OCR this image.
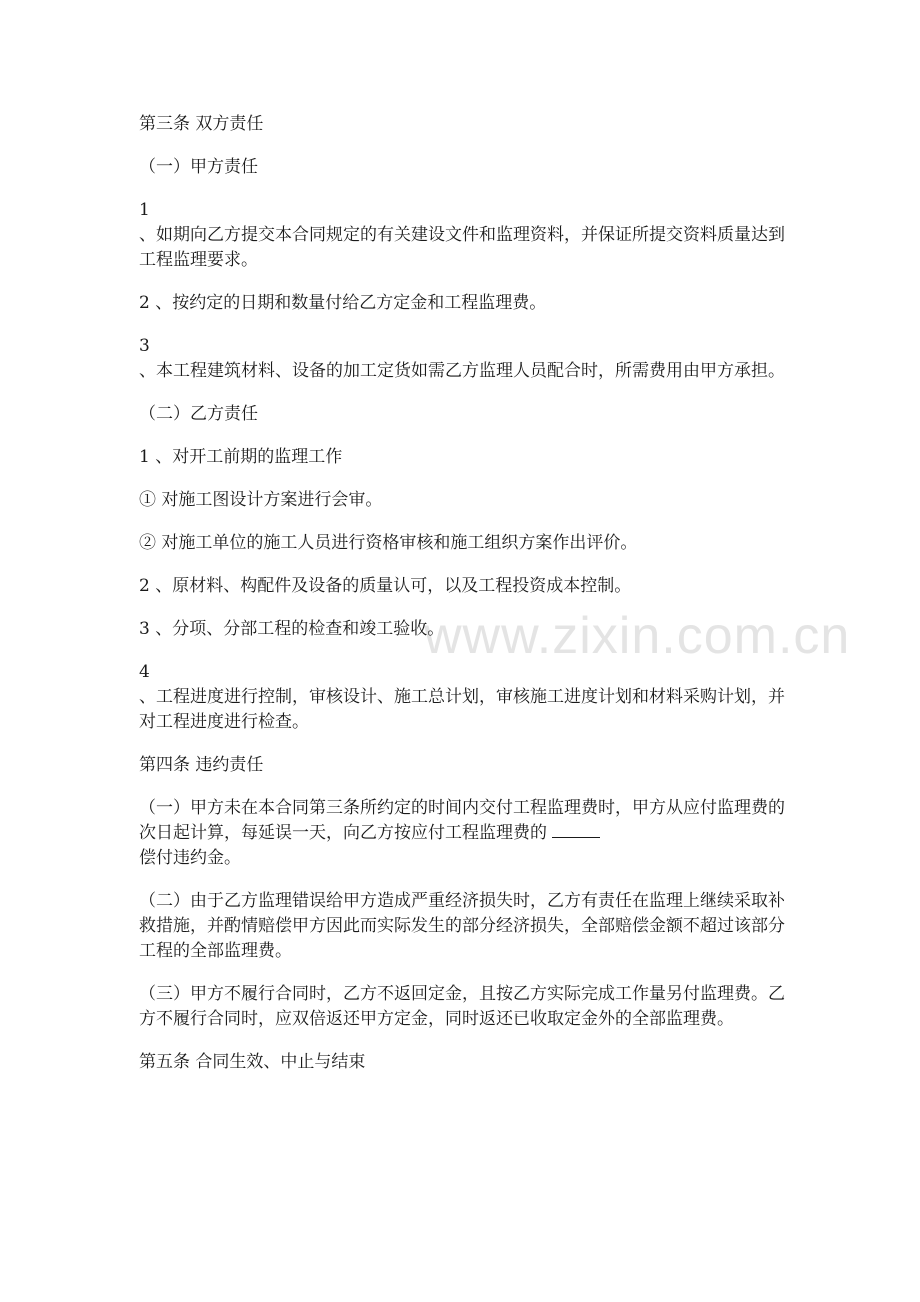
www.zixin.com.cn
第三条 双方责任
（一）甲方责任
1
、如期向乙方提交本合同规定的有关建设文件和监理资料，并保证所提交资料质量达到工程监理要求。
2 、按约定的日期和数量付给乙方定金和工程监理费。
3
、本工程建筑材料、设备的加工定货如需乙方监理人员配合时，所需费用由甲方承担。
（二）乙方责任
1 、对开工前期的监理工作
① 对施工图设计方案进行会审。
② 对施工单位的施工人员进行资格审核和施工组织方案作出评价。
2 、原材料、构配件及设备的质量认可，以及工程投资成本控制。
3 、分项、分部工程的检查和竣工验收。
4
、工程进度进行控制，审核设计、施工总计划，审核施工进度计划和材料采购计划，并对工程进度进行检查。
第四条 违约责任
（一）甲方未在本合同第三条所约定的时间内交付工程监理费时，甲方从应付监理费的次日起计算，每延误一天，向乙方按应付工程监理费的
偿付违约金。
（二）由于乙方监理错误给甲方造成严重经济损失时，乙方有责任在监理上继续采取补救措施，并酌情赔偿甲方因此而实际发生的部分经济损失，全部赔偿金额不超过该部分工程的全部监理费。
（三）甲方不履行合同时，乙方不返回定金，且按乙方实际完成工作量另付监理费。乙方不履行合同时，应双倍返还甲方定金，同时返还已收取定金外的全部监理费。
第五条 合同生效、中止与结束
